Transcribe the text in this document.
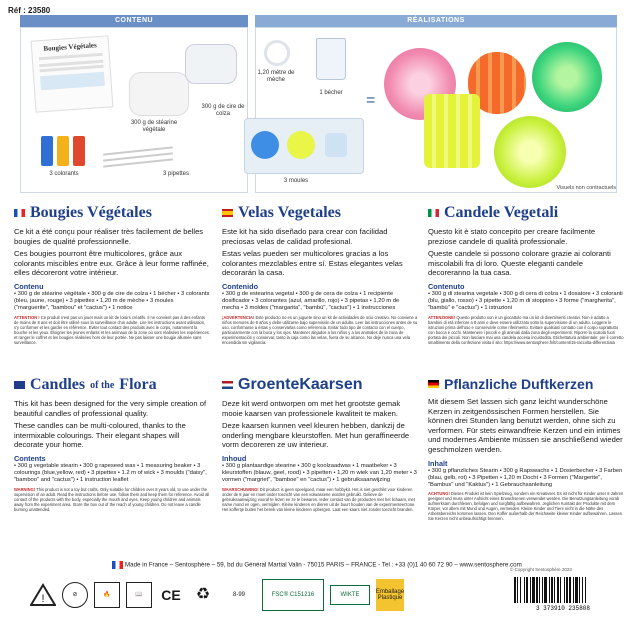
Réf : 23580
CONTENU	RÉALISATIONS
Bougies Végétales
300 g de stéarine végétale
300 g de cire de colza
3 colorants	3 pipettes
1,20 mètre de mèche
1 bécher
3 moules
=
Visuels non contractuels
Bougies Végétales
Ce kit a été conçu pour réaliser très facilement de belles bougies de qualité professionnelle.
Ces bougies pourront être multicolores, grâce aux colorants miscibles entre eux. Grâce à leur forme raffinée, elles décoreront votre intérieur.
Contenu
• 300 g de stéarine végétale • 300 g de cire de colza • 1 bécher • 3 colorants (bleu, jaune, rouge) • 3 pipettes • 1,20 m de mèche • 3 moules ("marguerite", "bambou" et "cactus") • 1 notice
ATTENTION ! Ce produit n'est pas un jouet mais un kit de loisirs créatifs. Il ne convient pas à des enfants de moins de 8 ans et doit être utilisé sous la surveillance d'un adulte. Lire les instructions avant utilisation, s'y conformer et les garder en référence. Eviter tout contact des produits avec le corps, notamment la bouche et les yeux. Éloigner les jeunes enfants et les animaux de la zone où sont réalisées les expériences et ranger le coffret et les bougies réalisées hors de leur portée. Ne pas laisser une bougie allumée sans surveillance.
Velas Vegetales
Este kit ha sido diseñado para crear con facilidad preciosas velas de calidad profesional.
Estas velas pueden ser multicolores gracias a los colorantes mezclables entre sí. Estas elegantes velas decorarán la casa.
Contenido
• 300 g de estearina vegetal • 300 g de cera de colza • 1 recipiente dosificador • 3 colorantes (azul, amarillo, rojo) • 3 pipetas • 1,20 m de mecha • 3 moldes ("margarita", "bambú", "cactus") • 1 instrucciones
¡ADVERTENCIA! Este producto no es un juguete sino un kit de actividades de ocio creativo. No conviene a niños menores de 8 años y debe utilizarse bajo supervisión de un adulto. Leer las instrucciones antes de su uso, conformarse a éstas y conservarlas como referencia. Evitar todo tipo de contacto con el cuerpo, particularmente con la boca y los ojos. Mantener alejados a los niños y a los animales de la zona de experimentación y conservar, tanto la caja como las velas, fuera de su alcance. No deje nunca una vela encendida sin vigilancia.
Candele Vegetali
Questo kit è stato concepito per creare facilmente preziose candele di qualità professionale.
Queste candele si possono colorare grazie ai coloranti miscolabili fra di loro. Queste eleganti candele decoreranno la tua casa.
Contenuto
• 300 g di stearina vegetale • 300 g di cera di colza • 1 dosatore • 3 coloranti (blu, giallo, rosso) • 3 pipette • 1,20 m di stoppino • 3 forme ("margherita", "bambù" e "cactus") • 1 istruzioni
ATTENZIONE! Questo prodotto non è un giocattolo ma un kit di divertimenti creativi. Non è adatto a bambini di età inferiore a 8 anni e deve essere utilizzato sotto la supervisione di un adulto. Leggere le istruzioni prima dell'uso e conservarle come riferimento. Evitare qualsiasi contatto con il corpo soprattutto con bocca e occhi. Mantenere i piccoli e gli animali dalla zona degli esperimenti. Riporre la scatola fuori portata dei piccoli. Non lasciare mai una candela accesa incustodita. Etichettatura ambientale: per il corretto smaltimento della confezione visita il sito: https://www.sentosphere.fr/it/content/15-raccolta-differenziata
Candles of the Flora
This kit has been designed for the very simple creation of beautiful candles of professional quality.
These candles can be multi-coloured, thanks to the intermixable colourings. Their elegant shapes will decorate your home.
Contents
• 300 g vegetable stearin • 300 g rapeseed wax • 1 measuring beaker • 3 colourings (blue,yellow, red) • 3 pipettes • 1.2 m of wick • 3 moulds ("daisy", "bamboo" and "cactus") • 1 instruction leaflet
WARNING! This product is not a toy but crafts. Only suitable for children over 8 years old, to use under the supervision of an adult. Read the instructions before use, follow them and keep them for reference. Avoid all contact of the products with the body, especially the mouth and eyes. Keep young children and animals away from the experiment area. Store the box out of the reach of young children. Do not leave a candle burning unattended.
GroenteKaarsen
Deze kit werd ontworpen om met het grootste gemak mooie kaarsen van professionele kwaliteit te maken.
Deze kaarsen kunnen veel kleuren hebben, dankzij de onderling mengbare kleurstoffen. Met hun geraffineerde vorm decoreren ze uw interieur.
Inhoud
• 300 g plantaardige stearine • 300 g koolzaadwas • 1 maatbeker • 3 kleurstoffen (blauw, geel, rood) • 3 pipetten • 1,20 m wiek van 1,20 meter • 3 vormen ("margriet", "bamboe" en "cactus") • 1 gebruiksaanwijzing
WAARSCHUWING! Dit product is geen speelgoed, maar een hobbykit. Het is niet geschikt voor kinderen onder de 8 jaar en moet onder toezicht van een volwassene worden gebruikt. Gelieve de gebruiksaanwijzing vooraf te lezen en ze te bewaren. Ieder contact van de producten met het lichaam, met name mond en ogen, vermijden. Kleine kinderen en dieren uit de buurt houden van de experimenteerzone. Het koffertje buiten het bereik van kleine kinderen opbergen. Laat een kaars niet zonder toezicht branden.
Pflanzliche Duftkerzen
Mit diesem Set lassen sich ganz leicht wunderschöne Kerzen in zeitgenössischen Formen herstellen. Sie können drei Stunden lang benutzt werden, ohne sich zu verformen. Für stets einwandfreie Kerzen und ein intimes und modernes Ambiente müssen sie anschließend wieder geschmolzen werden.
Inhalt
• 300 g pflanzliches Stearin • 300 g Rapswachs • 1 Dosierbecher • 3 Farben (blau, gelb, rot) • 3 Pipetten • 1,20 m Docht • 3 Formen ("Margerite", "Bambus" und "Kaktus") • 1 Gebrauchsanleitung
ACHTUNG! Dieses Produkt ist kein Spielzeug, sondern ein Kreativset. Es ist nicht für Kinder unter 8 Jahren geeignet und muss unter Aufsicht eines Erwachsenen verwendet werden. Die Benutzungsanleitung vorab aufmerksam durchlesen, befolgen und sorgfältig aufbewahren. Jeglichen Kontakt der Produkte mit dem Körper, vor allem mit Mund und Augen, vermeiden. Kleine Kinder und Tiere nicht in die Nähe des Arbeitsbereichs kommen lassen. Den Koffer außerhalb der Reichweite kleiner Kinder aufbewahren. Lassen Sie Kerzen nicht unbeaufsichtigt brennen.
Made in France – Sentosphère – 59, bd du Général Martial Valin - 75015 PARIS – FRANCE - Tel : +33 (0)1 40 60 72 90 – www.sentosphere.com
© Copyright Sentosphère 2023
!	⊘	🔥	📖	CE ♻	8-99	FSC® C151216	WIKTE	Emballage Plastique
3 373910 235808
